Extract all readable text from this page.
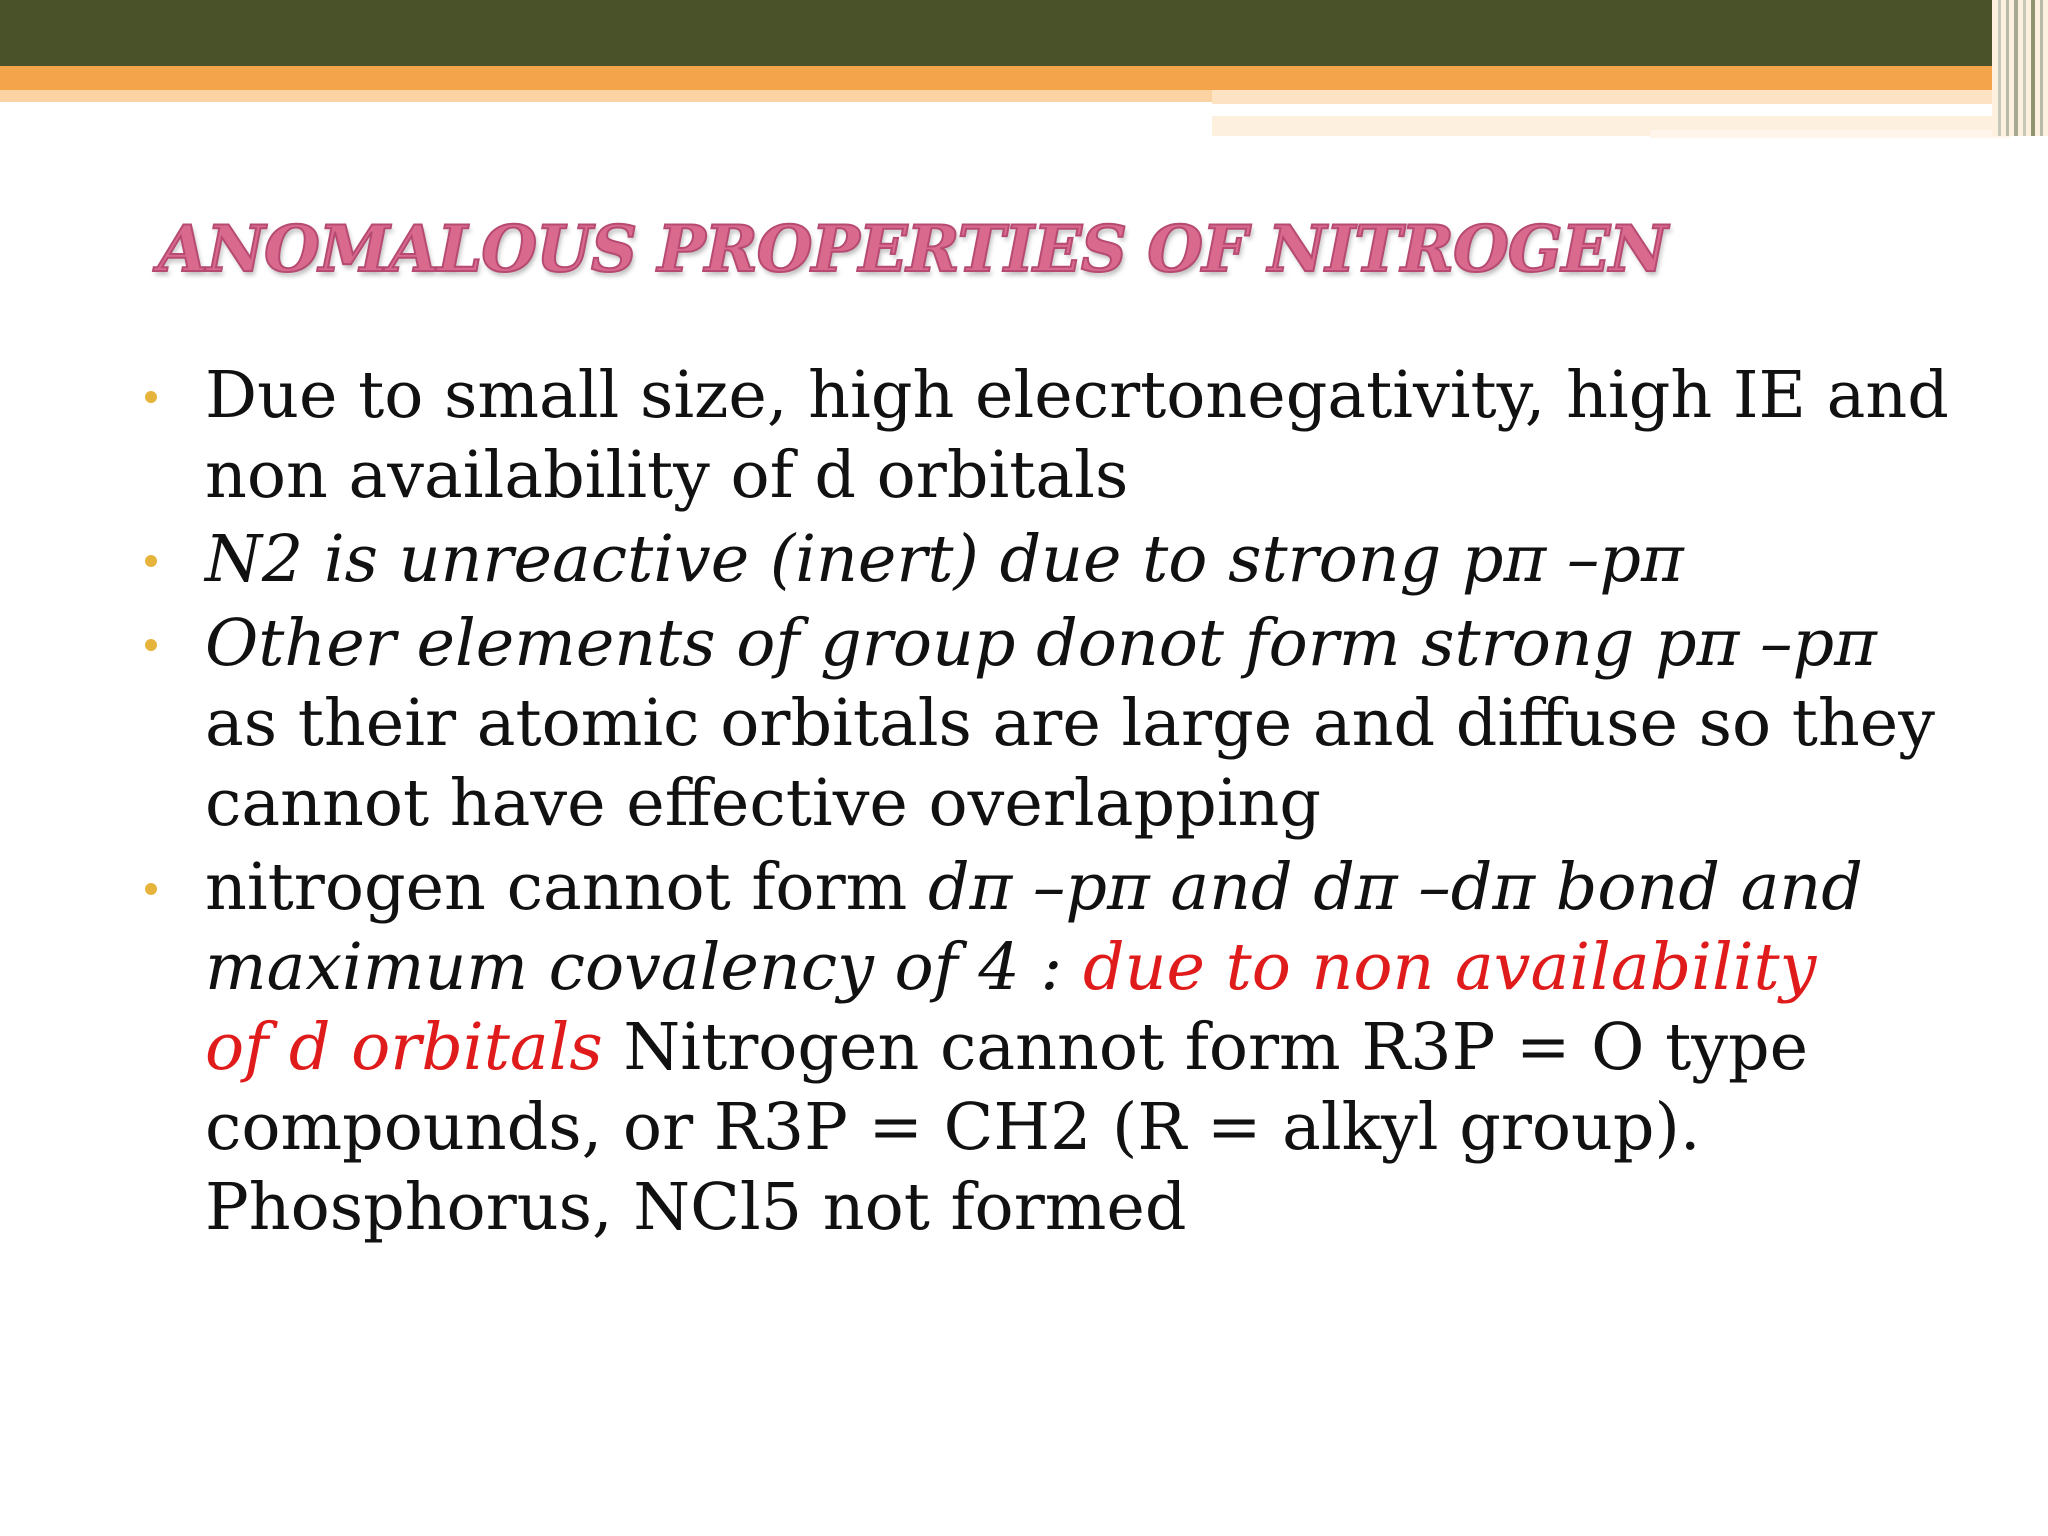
ANOMALOUS PROPERTIES OF NITROGEN
Due to small size, high elecrtonegativity, high IE and
non availability of d orbitals
N2 is unreactive (inert) due to strong pπ –pπ
Other elements of group donot form strong pπ –pπ
as their atomic orbitals are large and diffuse so they
cannot have effective overlapping
nitrogen cannot form dπ –pπ and dπ –dπ bond and
maximum covalency of 4 : due to non availability
of d orbitals Nitrogen cannot form R3P = O type
compounds, or R3P = CH2 (R = alkyl group).
Phosphorus, NCl5 not formed
